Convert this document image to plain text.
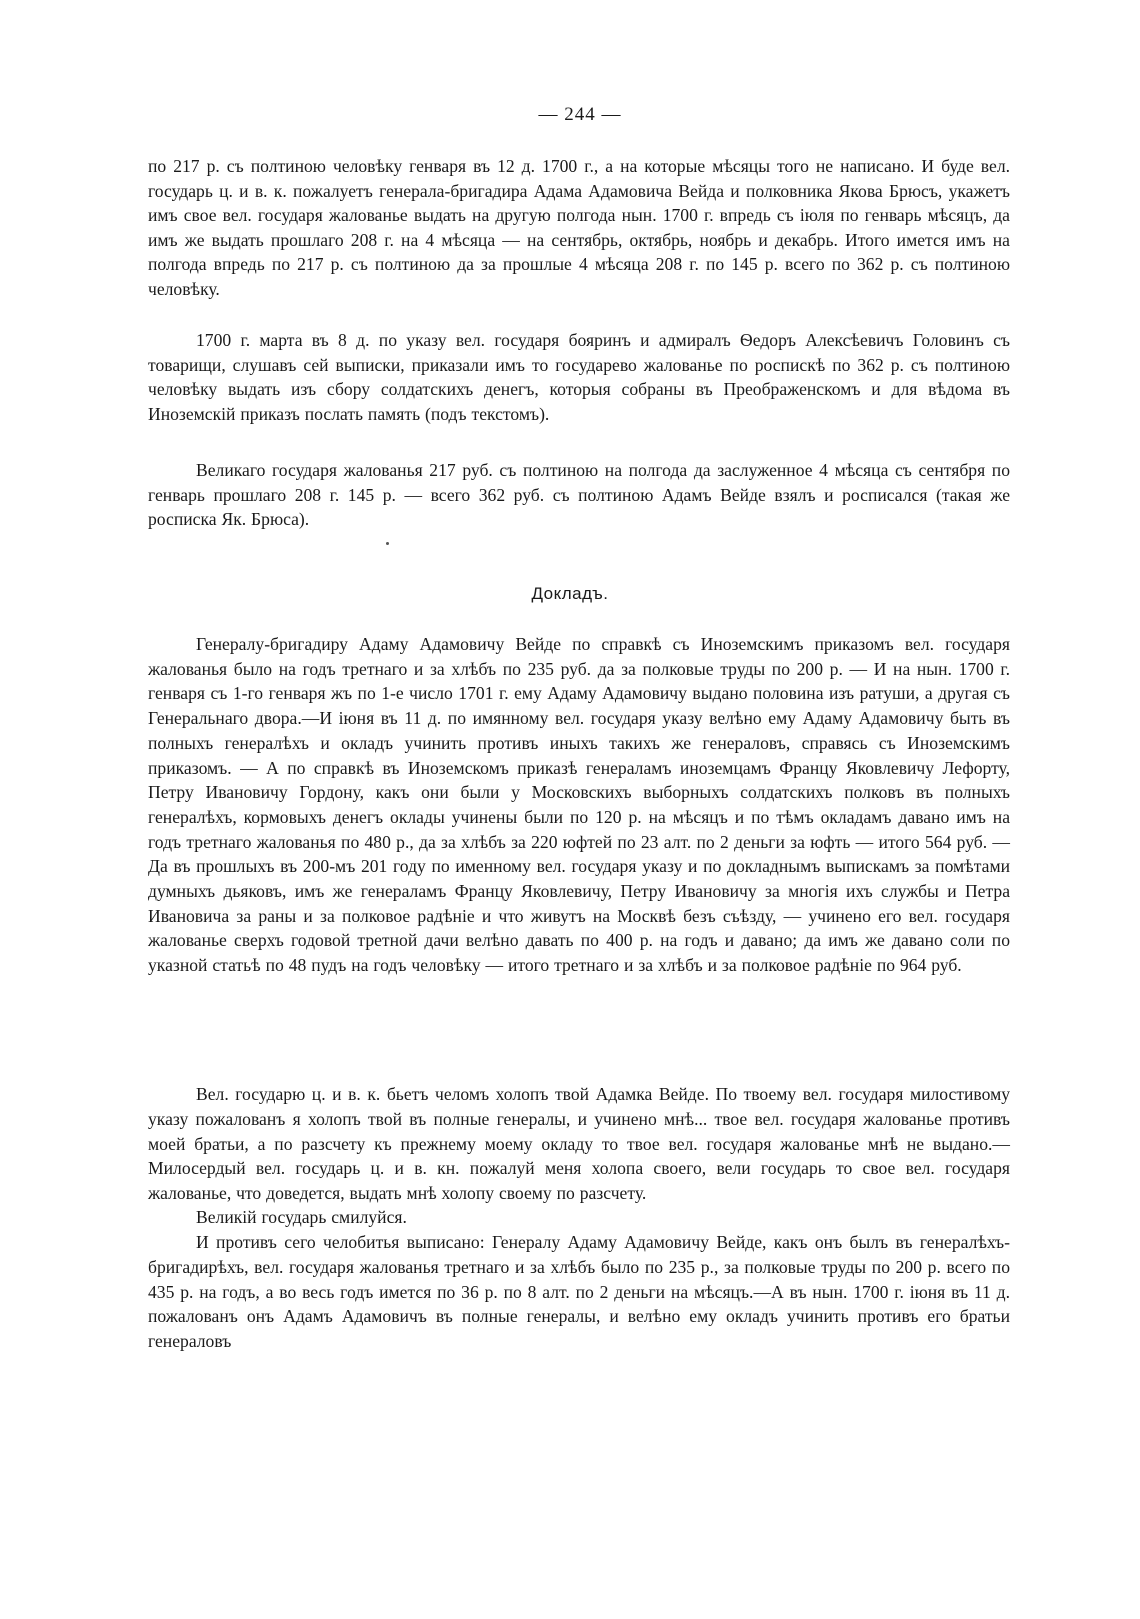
— 244 —

по 217 р. съ полтиною человѣку генваря въ 12 д. 1700 г., а на которые мѣсяцы того не написано. И буде вел. государь ц. и в. к. пожалуетъ генерала-бригадира Адама Адамовича Вейда и полковника Якова Брюсъ, укажетъ имъ свое вел. государя жалованье выдать на другую полгода нын. 1700 г. впредь съ іюля по генварь мѣсяцъ, да имъ же выдать прошлаго 208 г. на 4 мѣсяца — на сентябрь, октябрь, ноябрь и декабрь. Итого имется имъ на полгода впредь по 217 р. съ полтиною да за прошлые 4 мѣсяца 208 г. по 145 р. всего по 362 р. съ полтиною человѣку.

1700 г. марта въ 8 д. по указу вел. государя бояринъ и адмиралъ Ѳедоръ Алексѣевичъ Головинъ съ товарищи, слушавъ сей выписки, приказали имъ то государево жалованье по роспискѣ по 362 р. съ полтиною человѣку выдать изъ сбору солдатскихъ денегъ, которыя собраны въ Преображенскомъ и для вѣдома въ Иноземскій приказъ послать память (подъ текстомъ).

Великаго государя жалованья 217 руб. съ полтиною на полгода да заслуженное 4 мѣсяца съ сентября по генварь прошлаго 208 г. 145 р. — всего 362 руб. съ полтиною Адамъ Вейде взялъ и росписался (такая же росписка Як. Брюса).

Докладъ.

Генералу-бригадиру Адаму Адамовичу Вейде по справкѣ съ Иноземскимъ приказомъ вел. государя жалованья было на годъ третнаго и за хлѣбъ по 235 руб. да за полковые труды по 200 р. — И на нын. 1700 г. генваря съ 1-го генваря жъ по 1-е число 1701 г. ему Адаму Адамовичу выдано половина изъ ратуши, а другая съ Генеральнаго двора.—И іюня въ 11 д. по имянному вел. государя указу велѣно ему Адаму Адамовичу быть въ полныхъ генералѣхъ и окладъ учинить противъ иныхъ такихъ же генераловъ, справясь съ Иноземскимъ приказомъ. — А по справкѣ въ Иноземскомъ приказѣ генераламъ иноземцамъ Францу Яковлевичу Лефорту, Петру Ивановичу Гордону, какъ они были у Московскихъ выборныхъ солдатскихъ полковъ въ полныхъ генералѣхъ, кормовыхъ денегъ оклады учинены были по 120 р. на мѣсяцъ и по тѣмъ окладамъ давано имъ на годъ третнаго жалованья по 480 р., да за хлѣбъ за 220 юфтей по 23 алт. по 2 деньги за юфть — итого 564 руб. — Да въ прошлыхъ въ 200-мъ 201 году по именному вел. государя указу и по докладнымъ выпискамъ за помѣтами думныхъ дьяковъ, имъ же генераламъ Францу Яковлевичу, Петру Ивановичу за многія ихъ службы и Петра Ивановича за раны и за полковое радѣніе и что живутъ на Москвѣ безъ съѣзду, — учинено его вел. государя жалованье сверхъ годовой третной дачи велѣно давать по 400 р. на годъ и давано; да имъ же давано соли по указной статьѣ по 48 пудъ на годъ человѣку — итого третнаго и за хлѣбъ и за полковое радѣніе по 964 руб.

Вел. государю ц. и в. к. бьетъ челомъ холопъ твой Адамка Вейде. По твоему вел. государя милостивому указу пожалованъ я холопъ твой въ полные генералы, и учинено мнѣ... твое вел. государя жалованье противъ моей братьи, а по разсчету къ прежнему моему окладу то твое вел. государя жалованье мнѣ не выдано.—Милосердый вел. государь ц. и в. кн. пожалуй меня холопа своего, вели государь то свое вел. государя жалованье, что доведется, выдать мнѣ холопу своему по разсчету.

Великій государь смилуйся.

И противъ сего челобитья выписано: Генералу Адаму Адамовичу Вейде, какъ онъ былъ въ генералѣхъ-бригадирѣхъ, вел. государя жалованья третнаго и за хлѣбъ было по 235 р., за полковые труды по 200 р. всего по 435 р. на годъ, а во весь годъ имется по 36 р. по 8 алт. по 2 деньги на мѣсяцъ.—А въ нын. 1700 г. іюня въ 11 д. пожалованъ онъ Адамъ Адамовичъ въ полные генералы, и велѣно ему окладъ учинить противъ его братьи генераловъ
